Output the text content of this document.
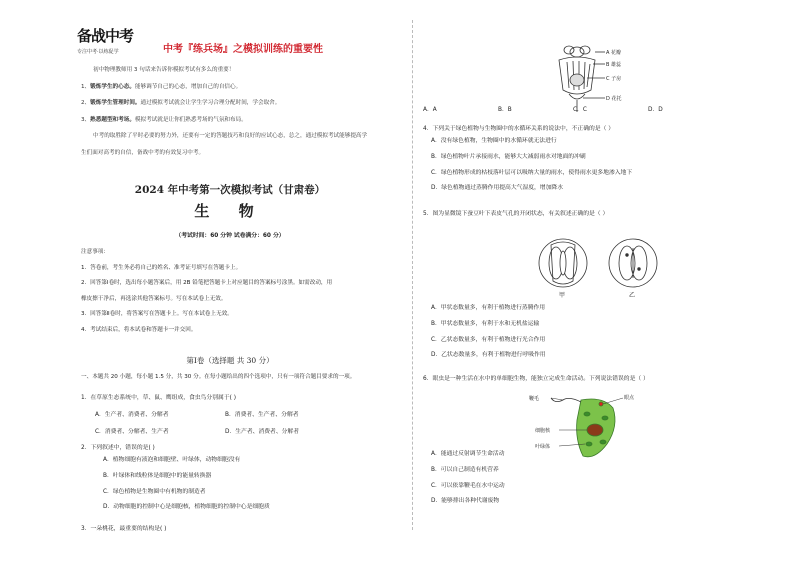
备战中考
专注中考·以练促学	中考『练兵场』之模拟训练的重要性

初中物理教师用 3 句话来告诉你模拟考试有多么的重要！

1、锻炼学生的心态。能够调节自己的心态，增加自己的自信心。

2、锻炼学生管理时间。通过模拟考试就会让学生学习合理分配时间，学会取舍。

3、熟悉题型和考场。模拟考试就是让你们熟悉考场的气氛和布局。

中考的取胜除了平时必要的努力外，还要有一定的答题技巧和良好的应试心态，总之，通过模拟考试能够提高学

生们面对高考的自信，备战中考的有效复习中考。

2024 年中考第一次模拟考试（甘肃卷）
生 物
（考试时间：60 分钟 试卷满分：60 分）

注意事项：

1．答卷前，考生务必将自己的姓名、准考证号填写在答题卡上。

2．回答第Ⅰ卷时，选出每小题答案后，用 2B 铅笔把答题卡上对应题目的答案标号涂黑。如需改动，用

橡皮擦干净后，再选涂其他答案标号。写在本试卷上无效。

3．回答第Ⅱ卷时，将答案写在答题卡上。写在本试卷上无效。

4．考试结束后，将本试卷和答题卡一并交回。

第Ⅰ卷（选择题 共 30 分）
一、本题共 20 小题，每小题 1.5 分，共 30 分。在每小题给出的四个选项中，只有一项符合题目要求的一项。
1．在草原生态系统中，草、鼠、鹰组成，食虫鸟分别属于( )
A．生产者、消费者、分解者	B．消费者、生产者、分解者
C．消费者、分解者、生产者	D．生产者、消费者、分解者
2．下列叙述中，错误的是( )

A．植物细胞有液泡和细胞壁、叶绿体，动物细胞没有

B．叶绿体和线粒体是细胞中的能量转换器

C．绿色植物是生物圈中有机物的制造者

D．动物细胞的控制中心是细胞核，植物细胞的控制中心是细胞质

3．一朵桃花，最重要的结构是( )
A 花瓣
B 雄蕊
C 子房
D 花托
A．A	B．B	C．C	D．D
4．下列关于绿色植物与生物圈中的水循环关系的说法中，不正确的是（ ）

A．没有绿色植物，生物圈中的水循环就无法进行

B．绿色植物叶片承接雨水，能够大大减弱雨水对地面的冲刷

C．绿色植物形成的枯枝落叶层可以吸纳大量的雨水，使得雨水更多地渗入地下

D．绿色植物通过蒸腾作用提高大气湿度，增加降水

5．图为显微镜下蚕豆叶下表皮气孔的开闭状态，有关叙述正确的是（ ）
甲	乙

A．甲状态数量多，有利于植物进行蒸腾作用

B．甲状态数量多，有利于水和无机盐运输

C．乙状态数量多，有利于植物进行光合作用

D．乙状态数量多，有利于植物进行呼吸作用

6．眼虫是一种生活在水中的单细胞生物，能独立完成生命活动。下列说法错误的是（ ）
鞭毛	眼点
细胞核
叶绿体

A．能通过反射调节生命活动

B．可以自己制造有机营养

C．可以依靠鞭毛在水中运动

D．能够排出各种代谢废物
